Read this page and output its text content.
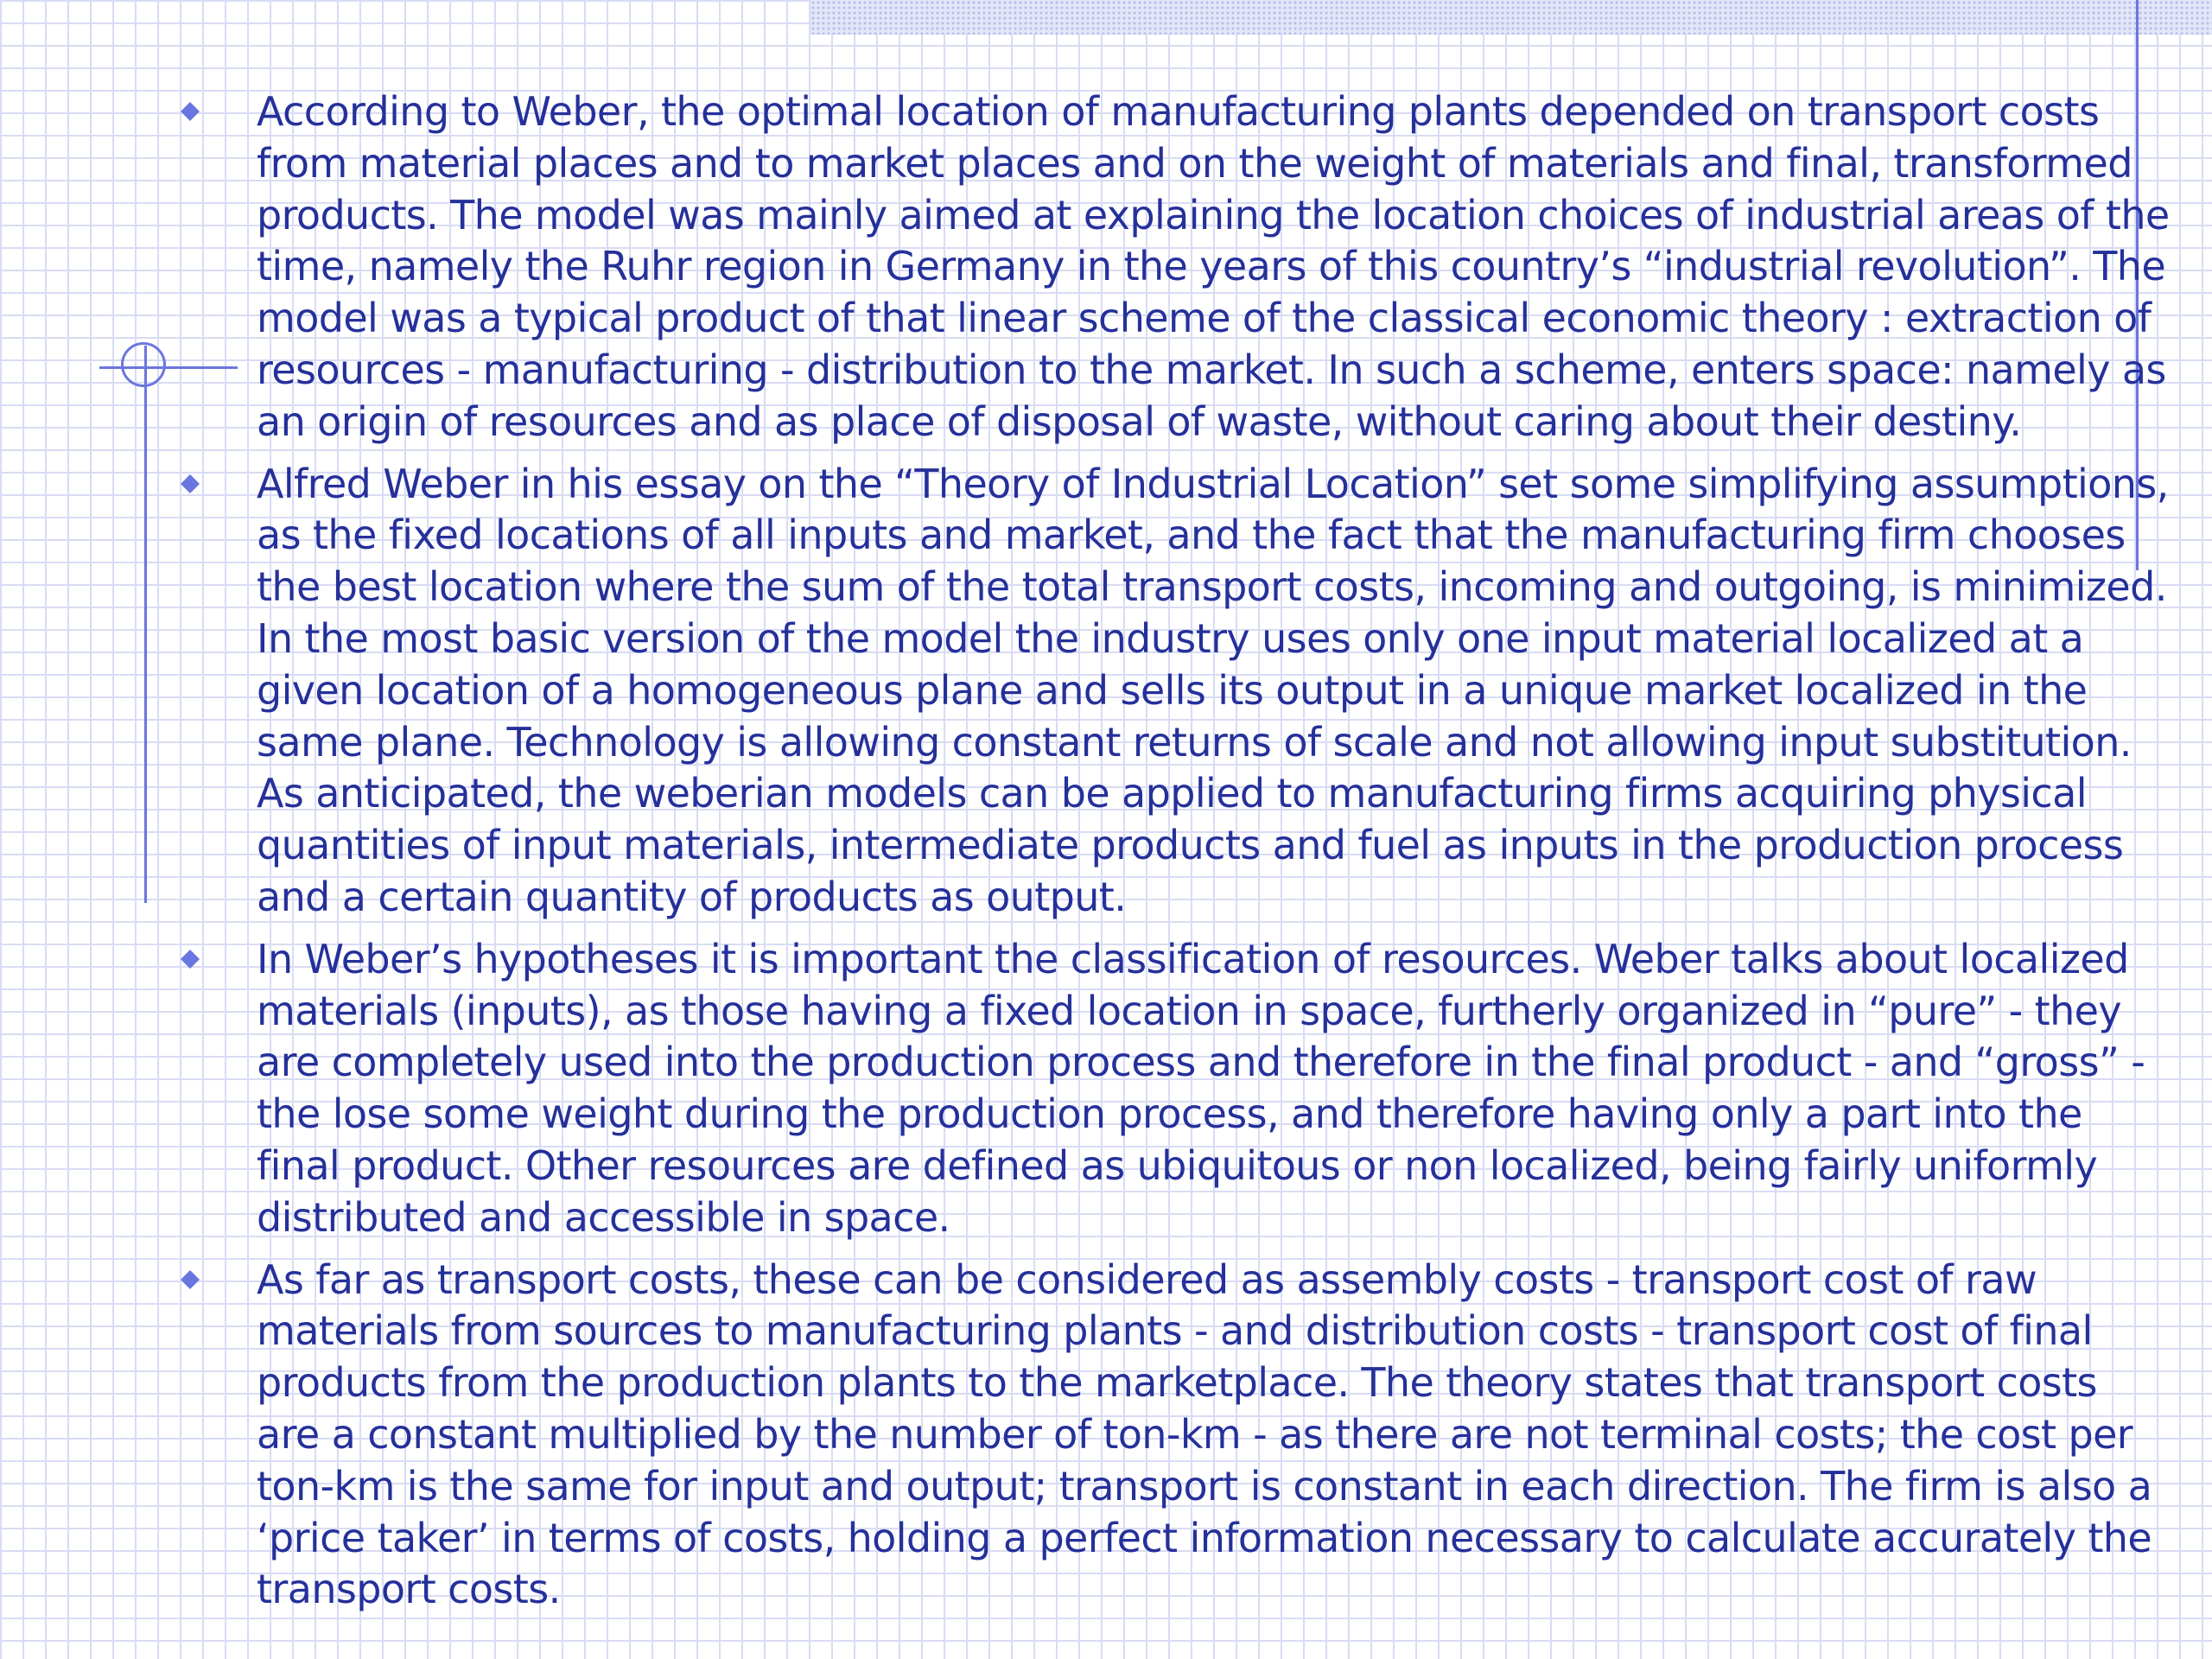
According to Weber, the optimal location of manufacturing plants depended on transport costs from material places and to market places and on the weight of materials and final, transformed products. The model was mainly aimed at explaining the location choices of industrial areas of the time, namely the Ruhr region in Germany in the years of this country’s “industrial revolution”. The model was a typical product of that linear scheme of the classical economic theory : extraction of resources - manufacturing - distribution to the market. In such a scheme, enters space: namely as an origin of resources and as place of disposal of waste, without caring about their destiny.

Alfred Weber in his essay on the “Theory of Industrial Location” set some simplifying assumptions, as the fixed locations of all inputs and market, and the fact that the manufacturing firm chooses the best location where the sum of the total transport costs, incoming and outgoing, is minimized. In the most basic version of the model the industry uses only one input material localized at a given location of a homogeneous plane and sells its output in a unique market localized in the same plane. Technology is allowing constant returns of scale and not allowing input substitution. As anticipated, the weberian models can be applied to manufacturing firms acquiring physical quantities of input materials, intermediate products and fuel as inputs in the production process and a certain quantity of products as output.

In Weber’s hypotheses it is important the classification of resources. Weber talks about localized materials (inputs), as those having a fixed location in space, furtherly organized in “pure” - they are completely used into the production process and therefore in the final product - and “gross” - the lose some weight during the production process, and therefore having only a part into the final product. Other resources are defined as ubiquitous or non localized, being fairly uniformly distributed and accessible in space.

As far as transport costs, these can be considered as assembly costs - transport cost of raw materials from sources to manufacturing plants - and distribution costs - transport cost of final products from the production plants to the marketplace. The theory states that transport costs are a constant multiplied by the number of ton-km - as there are not terminal costs; the cost per ton-km is the same for input and output; transport is constant in each direction. The firm is also a ‘price taker’ in terms of costs, holding a perfect information necessary to calculate accurately the transport costs.
